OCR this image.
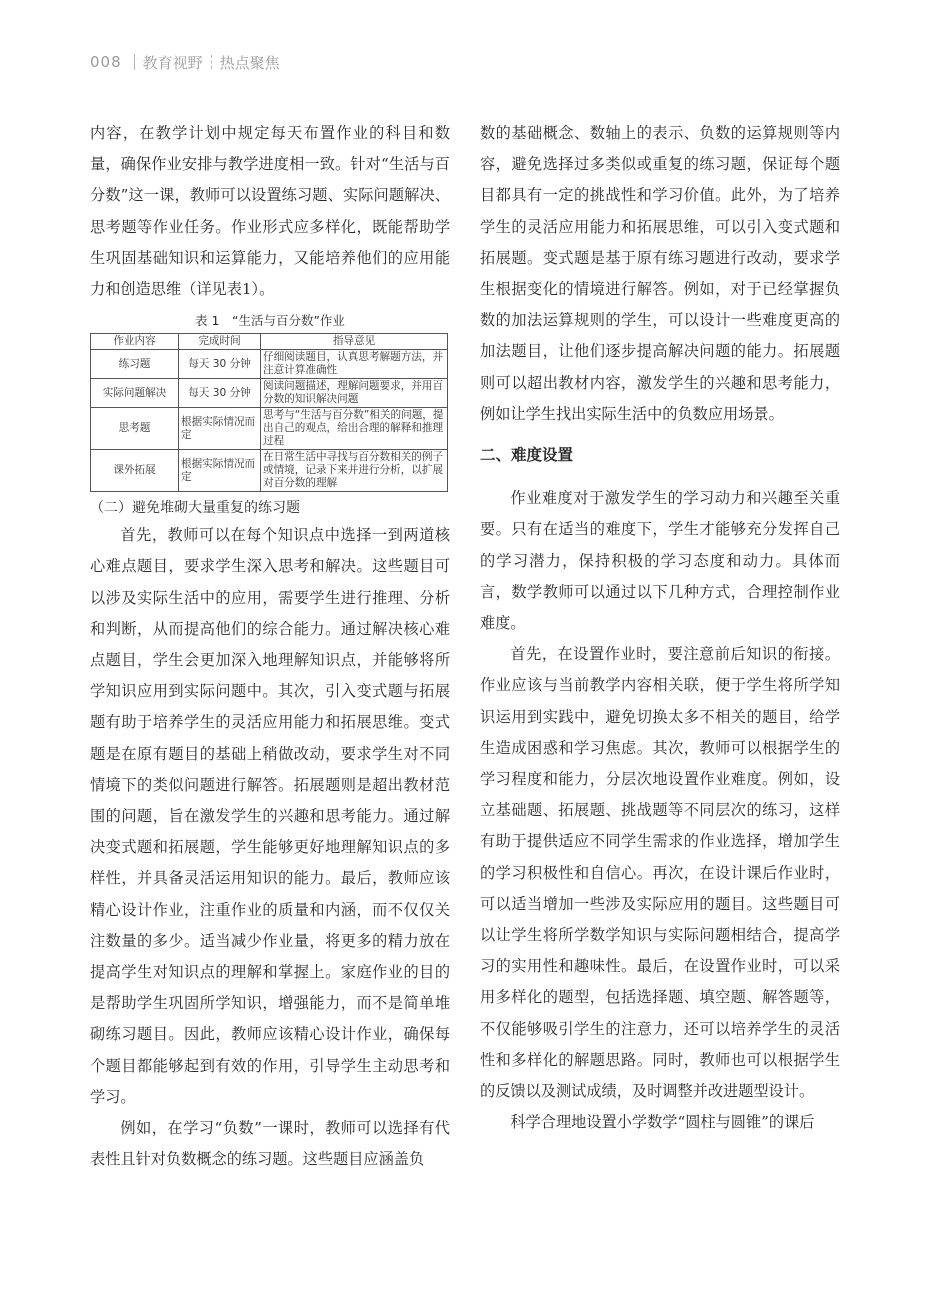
008 教育视野 热点聚焦

内容，在教学计划中规定每天布置作业的科目和数量，确保作业安排与教学进度相一致。针对“生活与百分数”这一课，教师可以设置练习题、实际问题解决、思考题等作业任务。作业形式应多样化，既能帮助学生巩固基础知识和运算能力，又能培养他们的应用能力和创造思维（详见表1）。

表 1　“生活与百分数”作业
作业内容	完成时间	指导意见
练习题	每天 30 分钟	仔细阅读题目，认真思考解题方法，并注意计算准确性
实际问题解决	每天 30 分钟	阅读问题描述，理解问题要求，并用百分数的知识解决问题
思考题	根据实际情况而定	思考与“生活与百分数”相关的问题，提出自己的观点，给出合理的解释和推理过程
课外拓展	根据实际情况而定	在日常生活中寻找与百分数相关的例子或情境，记录下来并进行分析，以扩展对百分数的理解
（二）避免堆砌大量重复的练习题

首先，教师可以在每个知识点中选择一到两道核心难点题目，要求学生深入思考和解决。这些题目可以涉及实际生活中的应用，需要学生进行推理、分析和判断，从而提高他们的综合能力。通过解决核心难点题目，学生会更加深入地理解知识点，并能够将所学知识应用到实际问题中。其次，引入变式题与拓展题有助于培养学生的灵活应用能力和拓展思维。变式题是在原有题目的基础上稍做改动，要求学生对不同情境下的类似问题进行解答。拓展题则是超出教材范围的问题，旨在激发学生的兴趣和思考能力。通过解决变式题和拓展题，学生能够更好地理解知识点的多样性，并具备灵活运用知识的能力。最后，教师应该精心设计作业，注重作业的质量和内涵，而不仅仅关注数量的多少。适当减少作业量，将更多的精力放在提高学生对知识点的理解和掌握上。家庭作业的目的是帮助学生巩固所学知识，增强能力，而不是简单堆砌练习题目。因此，教师应该精心设计作业，确保每个题目都能够起到有效的作用，引导学生主动思考和学习。

例如，在学习“负数”一课时，教师可以选择有代表性且针对负数概念的练习题。这些题目应涵盖负

数的基础概念、数轴上的表示、负数的运算规则等内容，避免选择过多类似或重复的练习题，保证每个题目都具有一定的挑战性和学习价值。此外，为了培养学生的灵活应用能力和拓展思维，可以引入变式题和拓展题。变式题是基于原有练习题进行改动，要求学生根据变化的情境进行解答。例如，对于已经掌握负数的加法运算规则的学生，可以设计一些难度更高的加法题目，让他们逐步提高解决问题的能力。拓展题则可以超出教材内容，激发学生的兴趣和思考能力，例如让学生找出实际生活中的负数应用场景。

二、难度设置

作业难度对于激发学生的学习动力和兴趣至关重要。只有在适当的难度下，学生才能够充分发挥自己的学习潜力，保持积极的学习态度和动力。具体而言，数学教师可以通过以下几种方式，合理控制作业难度。

首先，在设置作业时，要注意前后知识的衔接。作业应该与当前教学内容相关联，便于学生将所学知识运用到实践中，避免切换太多不相关的题目，给学生造成困惑和学习焦虑。其次，教师可以根据学生的学习程度和能力，分层次地设置作业难度。例如，设立基础题、拓展题、挑战题等不同层次的练习，这样有助于提供适应不同学生需求的作业选择，增加学生的学习积极性和自信心。再次，在设计课后作业时，可以适当增加一些涉及实际应用的题目。这些题目可以让学生将所学数学知识与实际问题相结合，提高学习的实用性和趣味性。最后，在设置作业时，可以采用多样化的题型，包括选择题、填空题、解答题等，不仅能够吸引学生的注意力，还可以培养学生的灵活性和多样化的解题思路。同时，教师也可以根据学生的反馈以及测试成绩，及时调整并改进题型设计。

科学合理地设置小学数学“圆柱与圆锥”的课后
